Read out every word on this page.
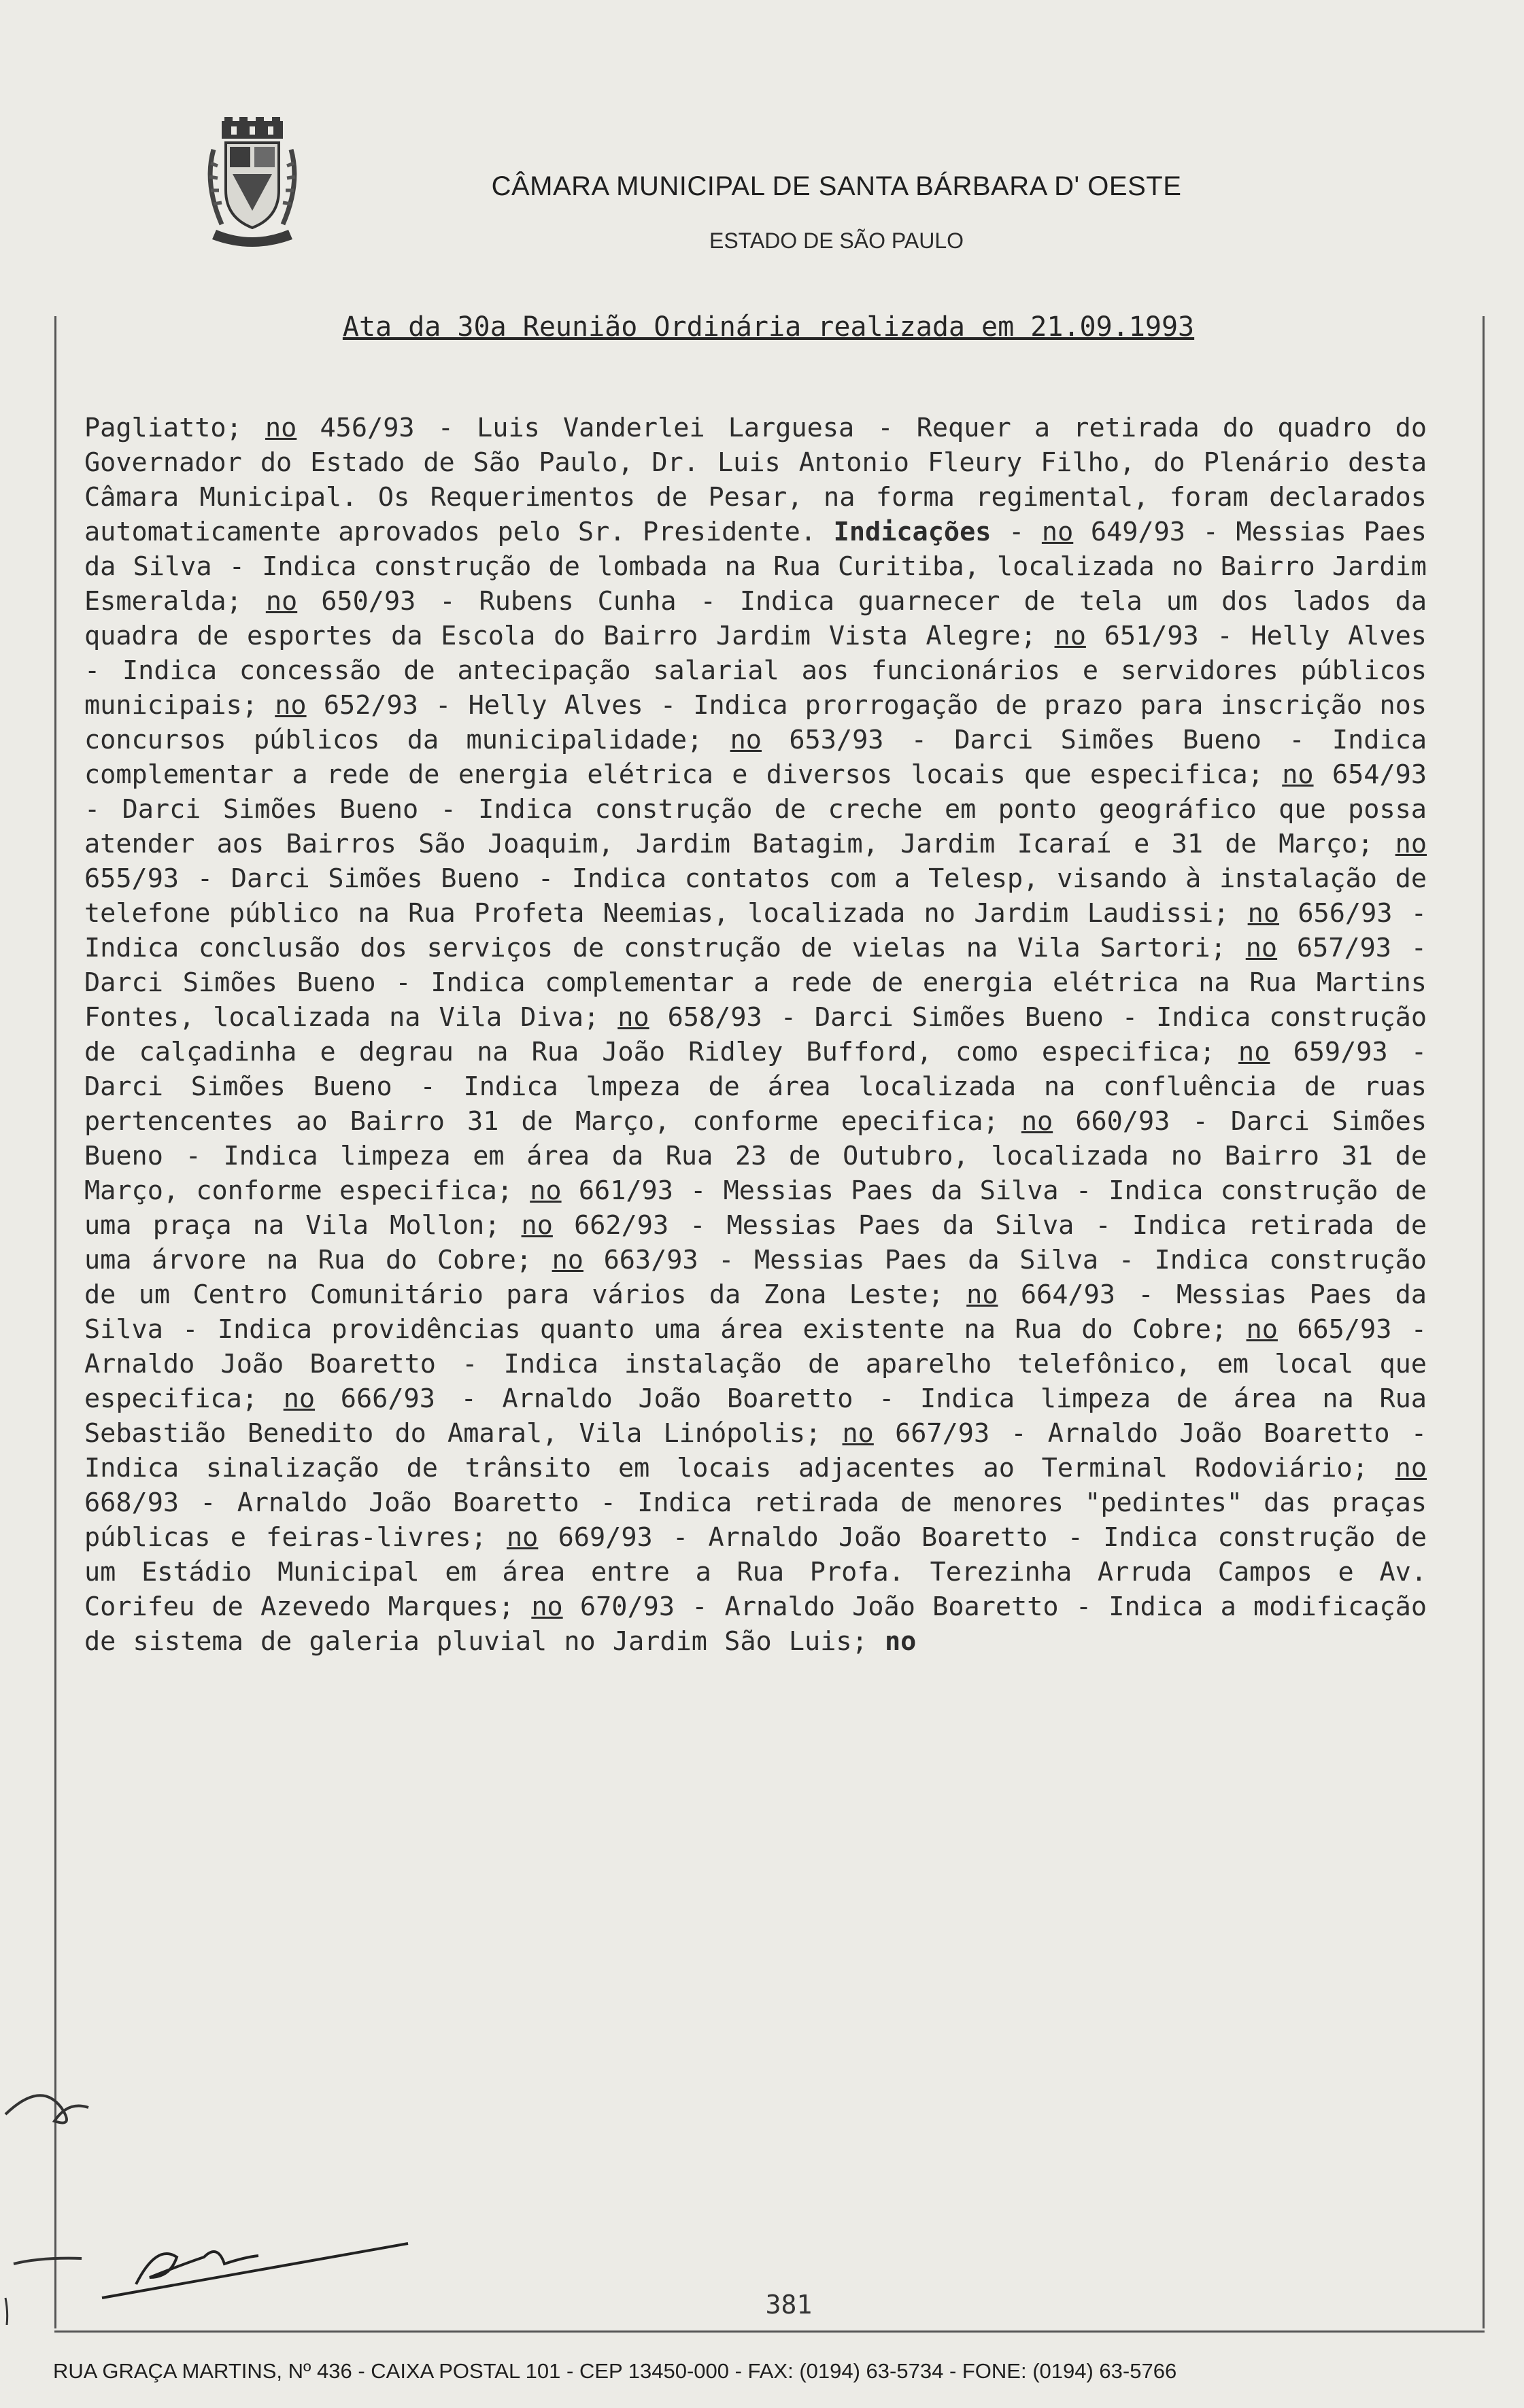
CÂMARA MUNICIPAL DE SANTA BÁRBARA D' OESTE
ESTADO DE SÃO PAULO
Ata da 30a Reunião Ordinária realizada em 21.09.1993
Pagliatto; no 456/93 - Luis Vanderlei Larguesa - Requer a retirada do quadro do Governador do Estado de São Paulo, Dr. Luis Antonio Fleury Filho, do Plenário desta Câmara Municipal. Os Requerimentos de Pesar, na forma regimental, foram declarados automaticamente aprovados pelo Sr. Presidente. Indicações - no 649/93 - Messias Paes da Silva - Indica construção de lombada na Rua Curitiba, localizada no Bairro Jardim Esmeralda; no 650/93 - Rubens Cunha - Indica guarnecer de tela um dos lados da quadra de esportes da Escola do Bairro Jardim Vista Alegre; no 651/93 - Helly Alves - Indica concessão de antecipação salarial aos funcionários e servidores públicos municipais; no 652/93 - Helly Alves - Indica prorrogação de prazo para inscrição nos concursos públicos da municipalidade; no 653/93 - Darci Simões Bueno - Indica complementar a rede de energia elétrica e diversos locais que especifica; no 654/93 - Darci Simões Bueno - Indica construção de creche em ponto geográfico que possa atender aos Bairros São Joaquim, Jardim Batagim, Jardim Icaraí e 31 de Março; no 655/93 - Darci Simões Bueno - Indica contatos com a Telesp, visando à instalação de telefone público na Rua Profeta Neemias, localizada no Jardim Laudissi; no 656/93 - Indica conclusão dos serviços de construção de vielas na Vila Sartori; no 657/93 - Darci Simões Bueno - Indica complementar a rede de energia elétrica na Rua Martins Fontes, localizada na Vila Diva; no 658/93 - Darci Simões Bueno - Indica construção de calçadinha e degrau na Rua João Ridley Bufford, como especifica; no 659/93 - Darci Simões Bueno - Indica lmpeza de área localizada na confluência de ruas pertencentes ao Bairro 31 de Março, conforme epecifica; no 660/93 - Darci Simões Bueno - Indica limpeza em área da Rua 23 de Outubro, localizada no Bairro 31 de Março, conforme especifica; no 661/93 - Messias Paes da Silva - Indica construção de uma praça na Vila Mollon; no 662/93 - Messias Paes da Silva - Indica retirada de uma árvore na Rua do Cobre; no 663/93 - Messias Paes da Silva - Indica construção de um Centro Comunitário para vários da Zona Leste; no 664/93 - Messias Paes da Silva - Indica providências quanto uma área existente na Rua do Cobre; no 665/93 - Arnaldo João Boaretto - Indica instalação de aparelho telefônico, em local que especifica; no 666/93 - Arnaldo João Boaretto - Indica limpeza de área na Rua Sebastião Benedito do Amaral, Vila Linópolis; no 667/93 - Arnaldo João Boaretto - Indica sinalização de trânsito em locais adjacentes ao Terminal Rodoviário; no 668/93 - Arnaldo João Boaretto - Indica retirada de menores "pedintes" das praças públicas e feiras-livres; no 669/93 - Arnaldo João Boaretto - Indica construção de um Estádio Municipal em área entre a Rua Profa. Terezinha Arruda Campos e Av. Corifeu de Azevedo Marques; no 670/93 - Arnaldo João Boaretto - Indica a modificação de sistema de galeria pluvial no Jardim São Luis; no
381
RUA GRAÇA MARTINS, Nº 436 - CAIXA POSTAL 101 - CEP 13450-000 - FAX: (0194) 63-5734 - FONE: (0194) 63-5766
